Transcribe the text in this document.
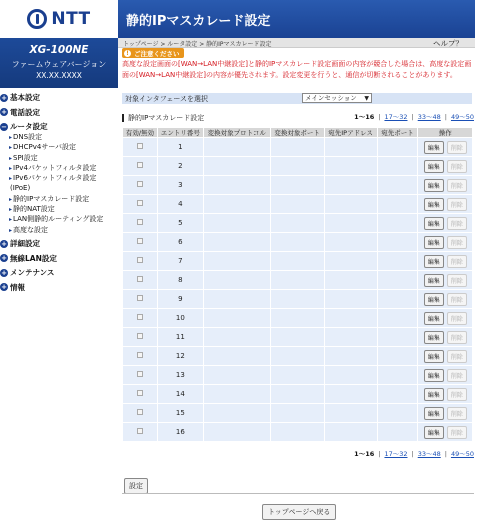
NTT
XG-100NE
ファームウェアバージョン
XX.XX.XXXX
+ 基本設定
+ 電話設定
− ルータ設定
▸ DNS設定
▸ DHCPv4サーバ設定
▸ SPI設定
▸ IPv4パケットフィルタ設定
▸ IPv6パケットフィルタ設定
(IPoE)
▸ 静的IPマスカレード設定
▸ 静的NAT設定
▸ LAN側静的ルーティング設定
▸ 高度な設定
+ 詳細設定
+ 無線LAN設定
+ メンテナンス
+ 情報
静的IPマスカレード設定
トップページ > ルータ設定 > 静的IPマスカレード設定	ヘルプ？
! ご注意ください
高度な設定画面の[WAN→LAN中継設定]と静的IPマスカレード設定画面の内容が競合した場合は、高度な設定画面の[WAN→LAN中継設定]の内容が優先されます。設定変更を行うと、通信が切断されることがあります。
対象インタフェースを選択	メインセッション ▼
静的IPマスカレード設定	1〜16 | 17〜32 | 33〜48 | 49〜50
有効/無効	エントリ番号	変換対象プロトコル	変換対象ポート	宛先IPアドレス	宛先ポート	操作
	1					編集 削除
	2					編集 削除
	3					編集 削除
	4					編集 削除
	5					編集 削除
	6					編集 削除
	7					編集 削除
	8					編集 削除
	9					編集 削除
	10					編集 削除
	11					編集 削除
	12					編集 削除
	13					編集 削除
	14					編集 削除
	15					編集 削除
	16					編集 削除
1〜16 | 17〜32 | 33〜48 | 49〜50
設定
トップページへ戻る
